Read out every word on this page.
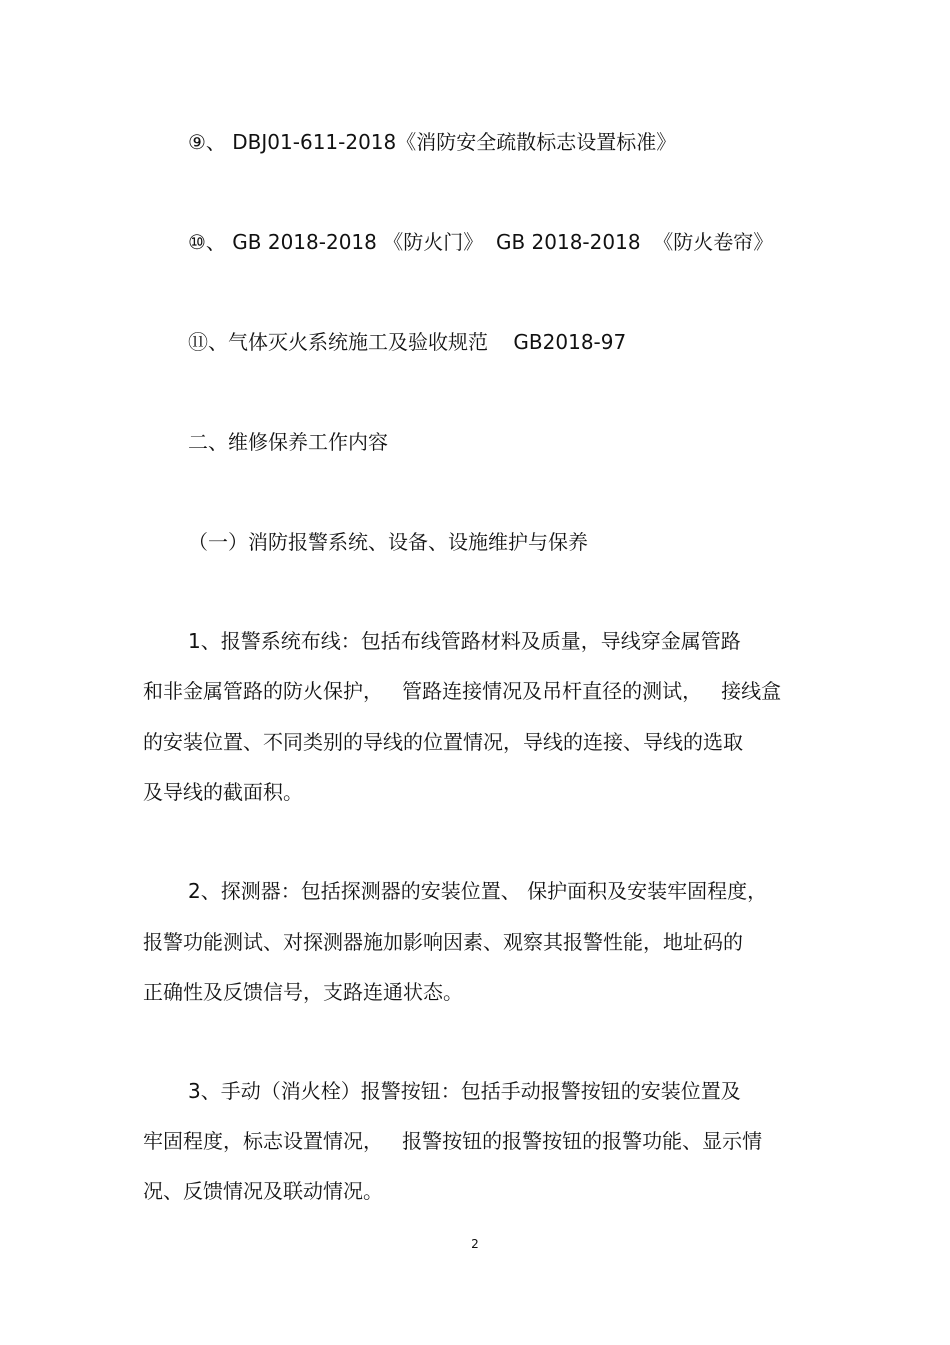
⑨、 DBJ01-611-2018《消防安全疏散标志设置标准》
⑩、 GB 2018-2018 《防火门》  GB 2018-2018  《防火卷帘》
⑪、气体灭火系统施工及验收规范    GB2018-97
二、维修保养工作内容
（一）消防报警系统、设备、设施维护与保养
1、报警系统布线：包括布线管路材料及质量，导线穿金属管路
和非金属管路的防火保护，   管路连接情况及吊杆直径的测试，   接线盒
的安装位置、不同类别的导线的位置情况，导线的连接、导线的选取
及导线的截面积。
2、探测器：包括探测器的安装位置、 保护面积及安装牢固程度，
报警功能测试、对探测器施加影响因素、观察其报警性能，地址码的
正确性及反馈信号，支路连通状态。
3、手动（消火栓）报警按钮：包括手动报警按钮的安装位置及
牢固程度，标志设置情况，   报警按钮的报警按钮的报警功能、显示情
况、反馈情况及联动情况。
2
